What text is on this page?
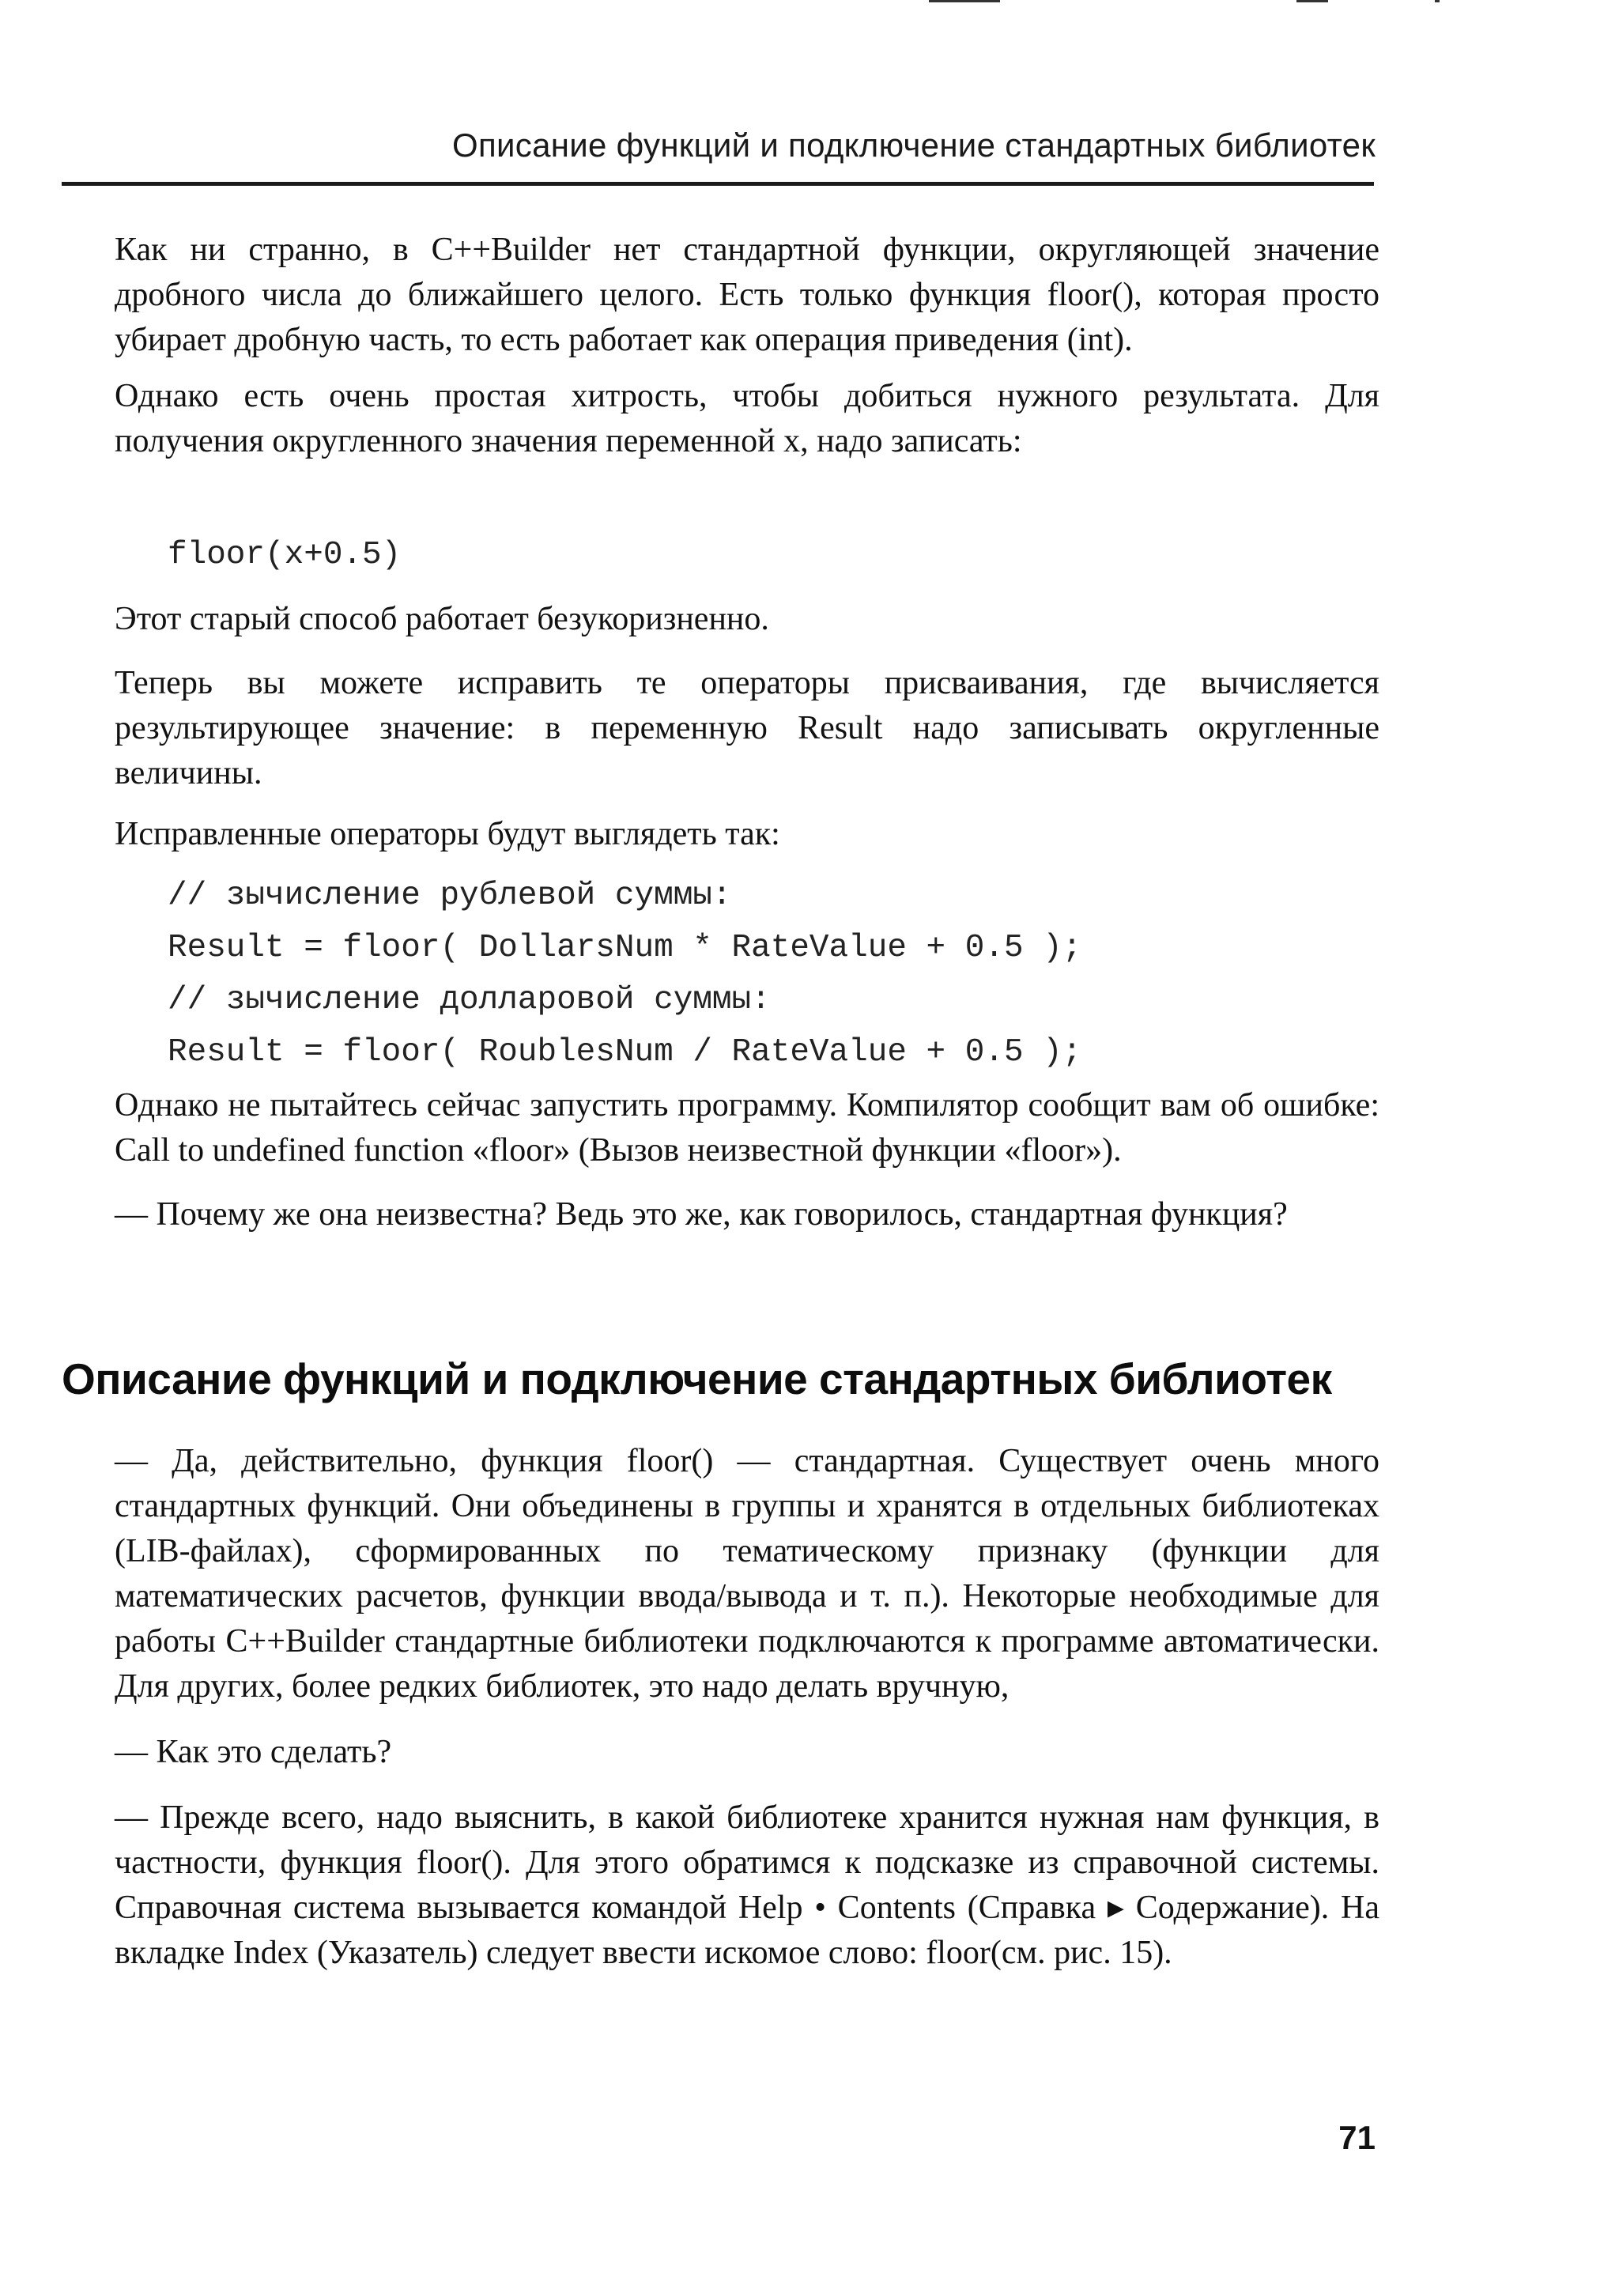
Описание функций и подключение стандартных библиотек

Как ни странно, в C++Builder нет стандартной функции, округляющей значение дробного числа до ближайшего целого. Есть только функция floor(), которая просто убирает дробную часть, то есть работает как операция приведения (int).

Однако есть очень простая хитрость, чтобы добиться нужного результата. Для получения округленного значения переменной x, надо записать:

floor(x+0.5)

Этот старый способ работает безукоризненно.

Теперь вы можете исправить те операторы присваивания, где вычисляется результирующее значение: в переменную Result надо записывать округленные величины.

Исправленные операторы будут выглядеть так:

// зычисление рублевой суммы:

Result = floor( DollarsNum * RateValue + 0.5 );

// зычисление долларовой суммы:

Result = floor( RoublesNum / RateValue + 0.5 );

Однако не пытайтесь сейчас запустить программу. Компилятор сообщит вам об ошибке: Call to undefined function «floor» (Вызов неизвестной функции «floor»).

— Почему же она неизвестна? Ведь это же, как говорилось, стандартная функция?

Описание функций и подключение стандартных библиотек

— Да, действительно, функция floor() — стандартная. Существует очень много стандартных функций. Они объединены в группы и хранятся в отдельных библиотеках (LIB-файлах), сформированных по тематическому признаку (функции для математических расчетов, функции ввода/вывода и т. п.). Некоторые необходимые для работы C++Builder стандартные библиотеки подключаются к программе автоматически. Для других, более редких библиотек, это надо делать вручную,

— Как это сделать?

— Прежде всего, надо выяснить, в какой библиотеке хранится нужная нам функция, в частности, функция floor(). Для этого обратимся к подсказке из справочной системы. Справочная система вызывается командой Help • Contents (Справка ▸ Содержание). На вкладке Index (Указатель) следует ввести искомое слово: floor(см. рис. 15).

71
